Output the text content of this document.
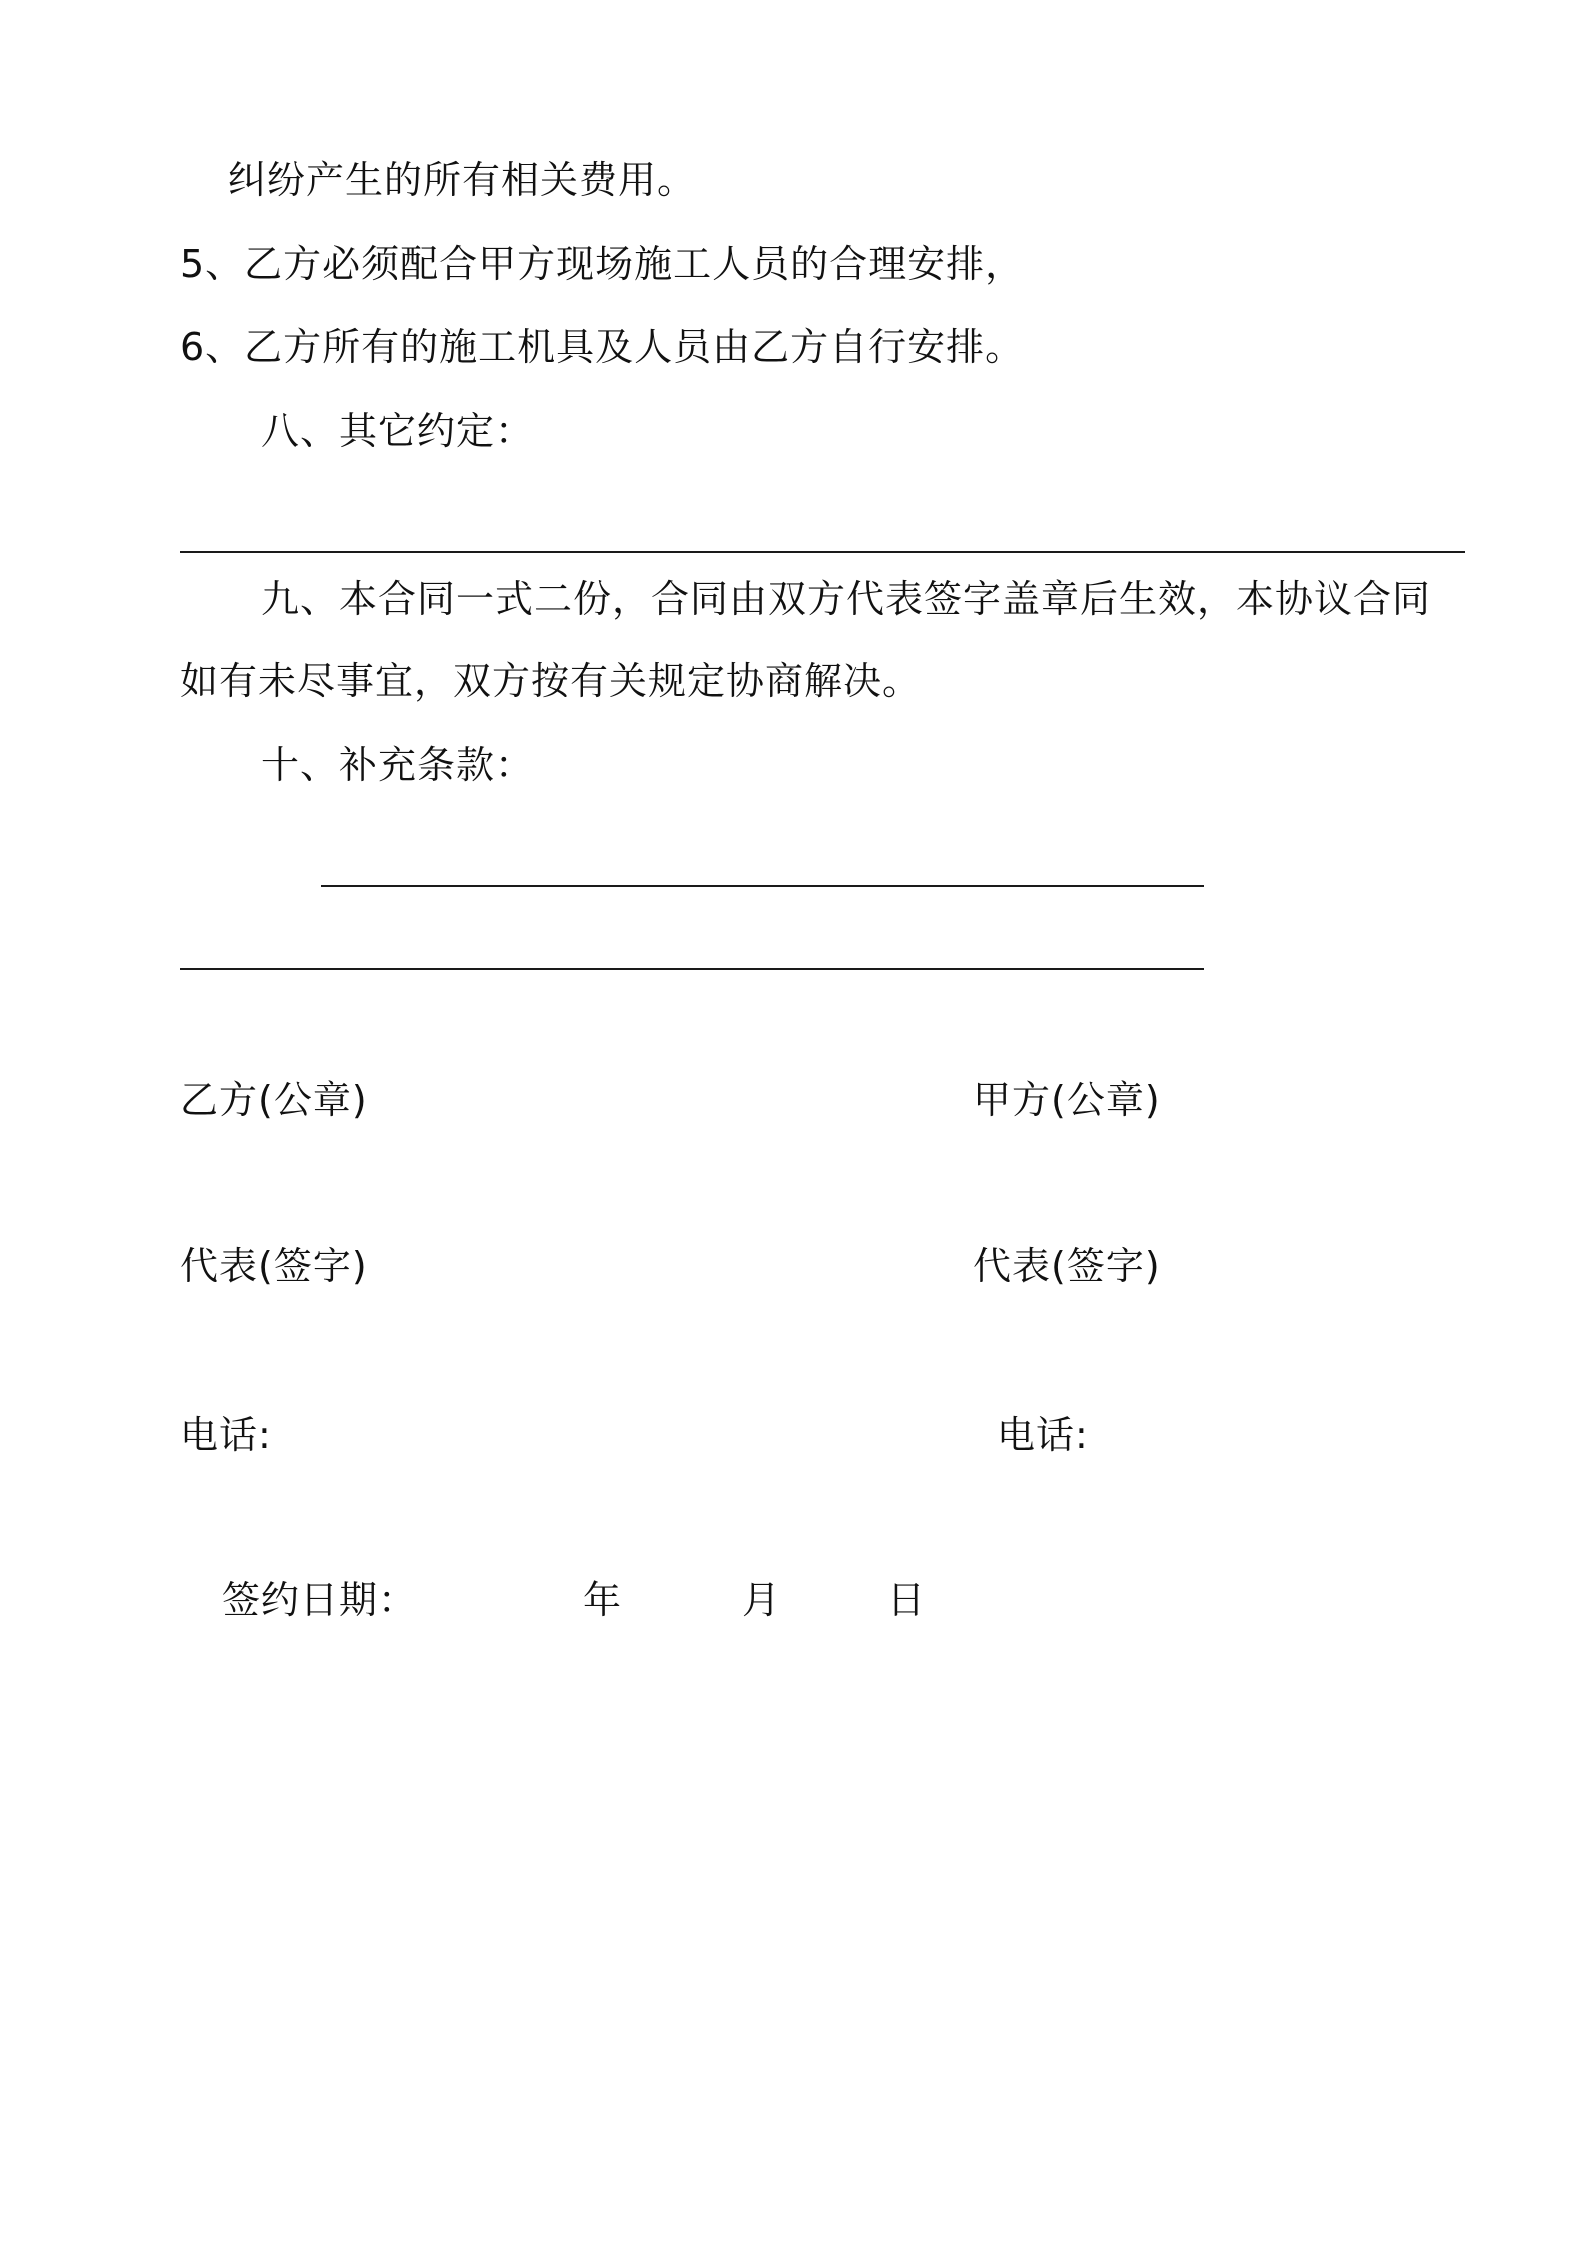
纠纷产生的所有相关费用。
5、乙方必须配合甲方现场施工人员的合理安排，
6、乙方所有的施工机具及人员由乙方自行安排。
八、其它约定：
九、本合同一式二份，合同由双方代表签字盖章后生效，本协议合同
如有未尽事宜，双方按有关规定协商解决。
十、补充条款：
乙方(公章)	甲方(公章)
代表(签字)	代表(签字)
电话:	电话:
签约日期：	年	月	日
